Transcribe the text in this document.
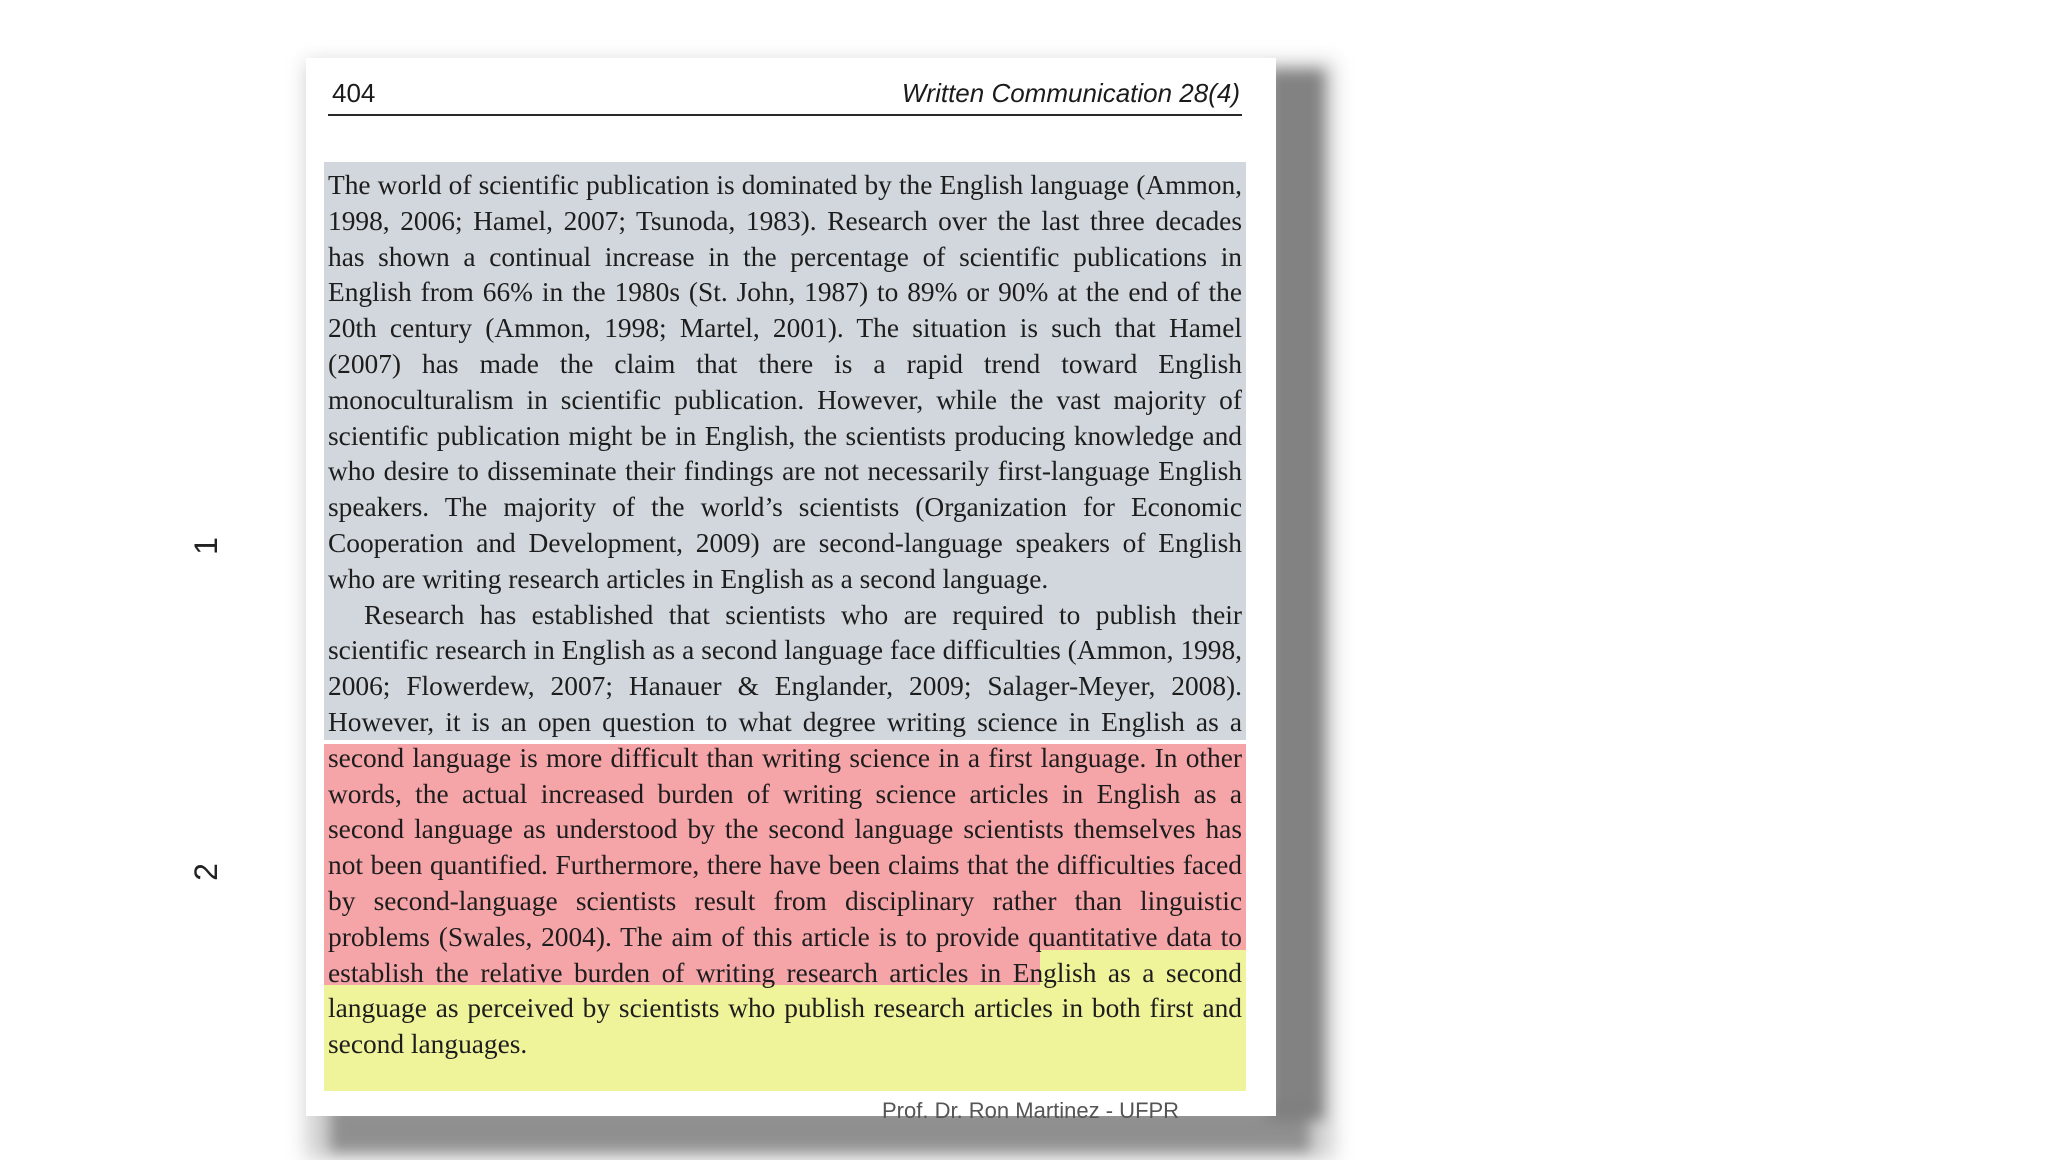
1
2
404	Written Communication 28(4)

The world of scientific publication is dominated by the English language (Ammon, 1998, 2006; Hamel, 2007; Tsunoda, 1983). Research over the last three decades has shown a continual increase in the percentage of scientific publications in English from 66% in the 1980s (St. John, 1987) to 89% or 90% at the end of the 20th century (Ammon, 1998; Martel, 2001). The situation is such that Hamel (2007) has made the claim that there is a rapid trend toward English monoculturalism in scientific publication. However, while the vast majority of scientific publication might be in English, the scientists producing knowledge and who desire to disseminate their findings are not necessarily first-language English speakers. The majority of the world’s scientists (Organization for Economic Cooperation and Development, 2009) are second-language speakers of English who are writing research articles in English as a second language.

Research has established that scientists who are required to publish their scientific research in English as a second language face difficulties (Ammon, 1998, 2006; Flowerdew, 2007; Hanauer & Englander, 2009; Salager-Meyer, 2008). However, it is an open question to what degree writing science in English as a second language is more difficult than writing science in a first language. In other words, the actual increased burden of writing science articles in English as a second language as understood by the second language scientists themselves has not been quantified. Furthermore, there have been claims that the difficulties faced by second-language scientists result from disciplinary rather than linguistic problems (Swales, 2004). The aim of this article is to provide quantitative data to establish the relative burden of writing research articles in English as a second language as perceived by scientists who publish research articles in both first and second languages.

Prof. Dr. Ron Martinez - UFPR
